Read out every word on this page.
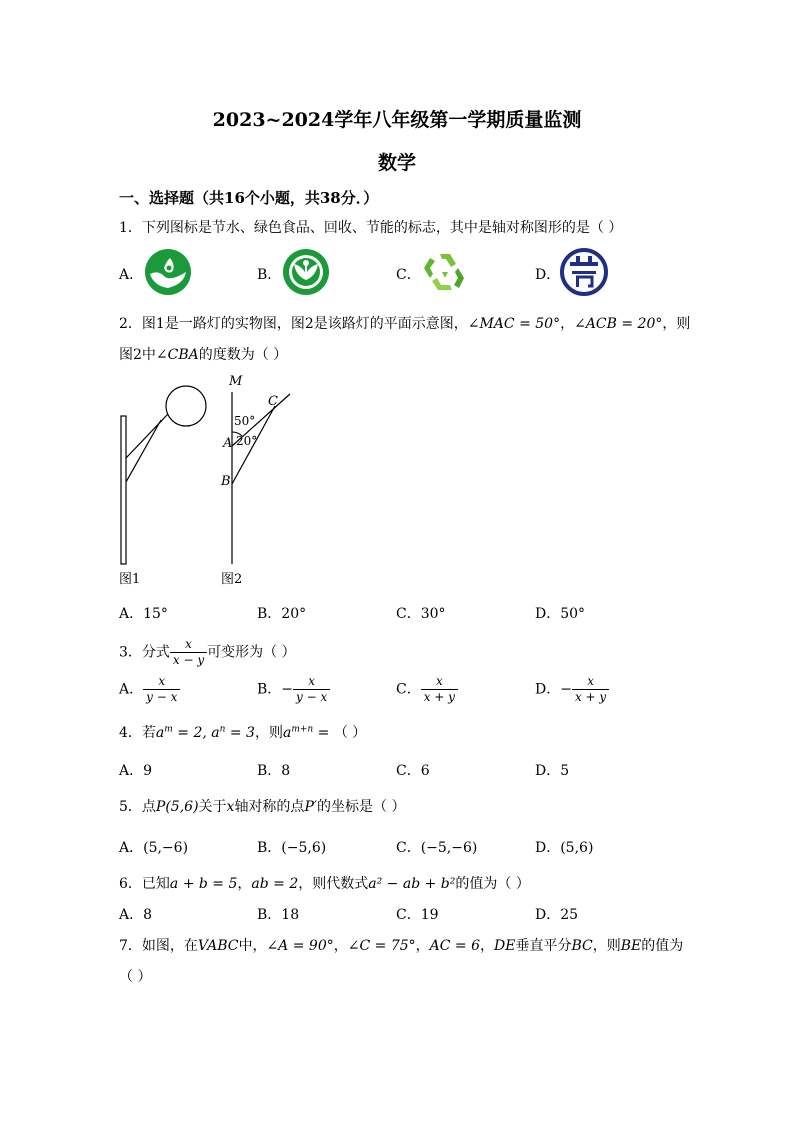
2023~2024学年八年级第一学期质量监测
数学
一、选择题（共16个小题，共38分．）
1．下列图标是节水、绿色食品、回收、节能的标志，其中是轴对称图形的是（ ）
A．	B．	C．	D．
2．图1是一路灯的实物图，图2是该路灯的平面示意图，∠MAC = 50°，∠ACB = 20°，则
图2中∠CBA的度数为（ ）
M
C
50°
A 20°
B
图1	图2
A．15°	B．20°	C．30°	D．50°
3．分式 $\frac{x}{x - y}$ 可变形为（ ）
A． $\frac{x}{y - x}$	B．− $\frac{x}{y - x}$	C． $\frac{x}{x + y}$	D．− $\frac{x}{x + y}$
4．若$a^m = 2$, $a^n = 3$，则$a^{m+n}$ = （ ）
A．9	B．8	C．6	D．5
5．点P(5,6)关于x轴对称的点P′的坐标是（ ）
A．(5,−6)	B．(−5,6)	C．(−5,−6)	D．(5,6)
6．已知a + b = 5，ab = 2，则代数式a² − ab + b²的值为（ ）
A．8	B．18	C．19	D．25
7．如图，在VABC中，∠A = 90°，∠C = 75°，AC = 6，DE垂直平分BC，则BE的值为
（ ）
